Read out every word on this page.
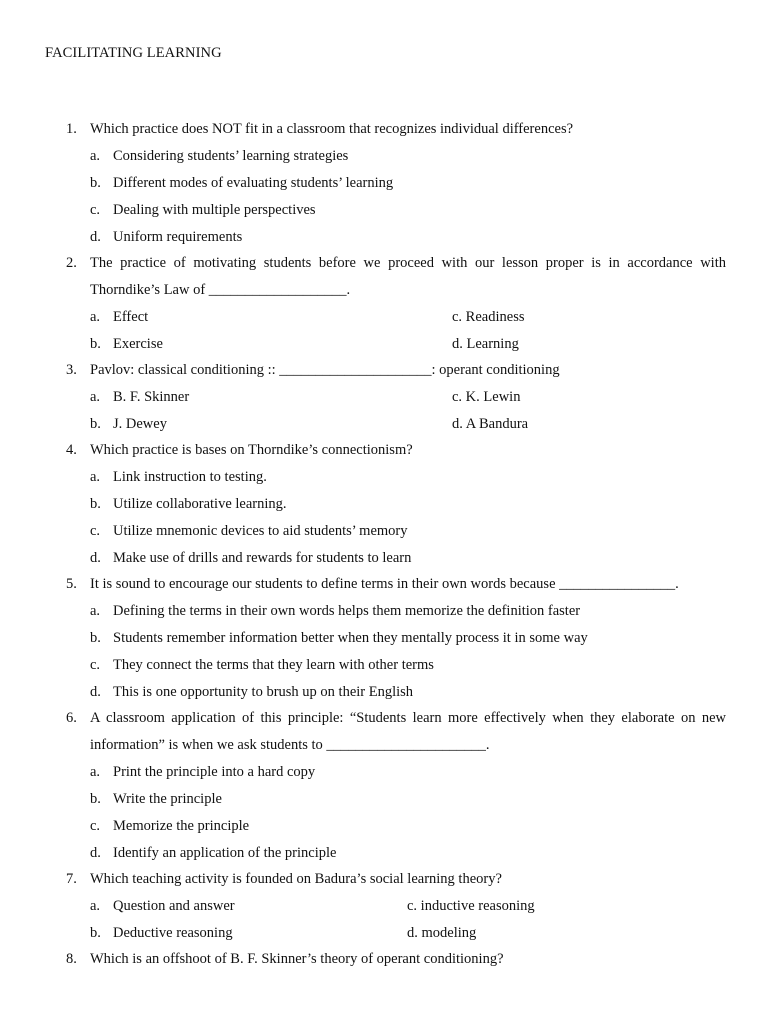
FACILITATING LEARNING
1. Which practice does NOT fit in a classroom that recognizes individual differences?
a. Considering students’ learning strategies
b. Different modes of evaluating students’ learning
c. Dealing with multiple perspectives
d. Uniform requirements
2. The practice of motivating students before we proceed with our lesson proper is in accordance with Thorndike’s Law of ___________________.
a. Effect	c. Readiness
b. Exercise	d. Learning
3. Pavlov: classical conditioning :: _____________________: operant conditioning
a. B. F. Skinner	c. K. Lewin
b. J. Dewey	d. A Bandura
4. Which practice is bases on Thorndike’s connectionism?
a. Link instruction to testing.
b. Utilize collaborative learning.
c. Utilize mnemonic devices to aid students’ memory
d. Make use of drills and rewards for students to learn
5. It is sound to encourage our students to define terms in their own words because ________________.
a. Defining the terms in their own words helps them memorize the definition faster
b. Students remember information better when they mentally process it in some way
c. They connect the terms that they learn with other terms
d. This is one opportunity to brush up on their English
6. A classroom application of this principle: “Students learn more effectively when they elaborate on new information” is when we ask students to ______________________.
a. Print the principle into a hard copy
b. Write the principle
c. Memorize the principle
d. Identify an application of the principle
7. Which teaching activity is founded on Badura’s social learning theory?
a. Question and answer	c. inductive reasoning
b. Deductive reasoning	d. modeling
8. Which is an offshoot of B. F. Skinner’s theory of operant conditioning?
